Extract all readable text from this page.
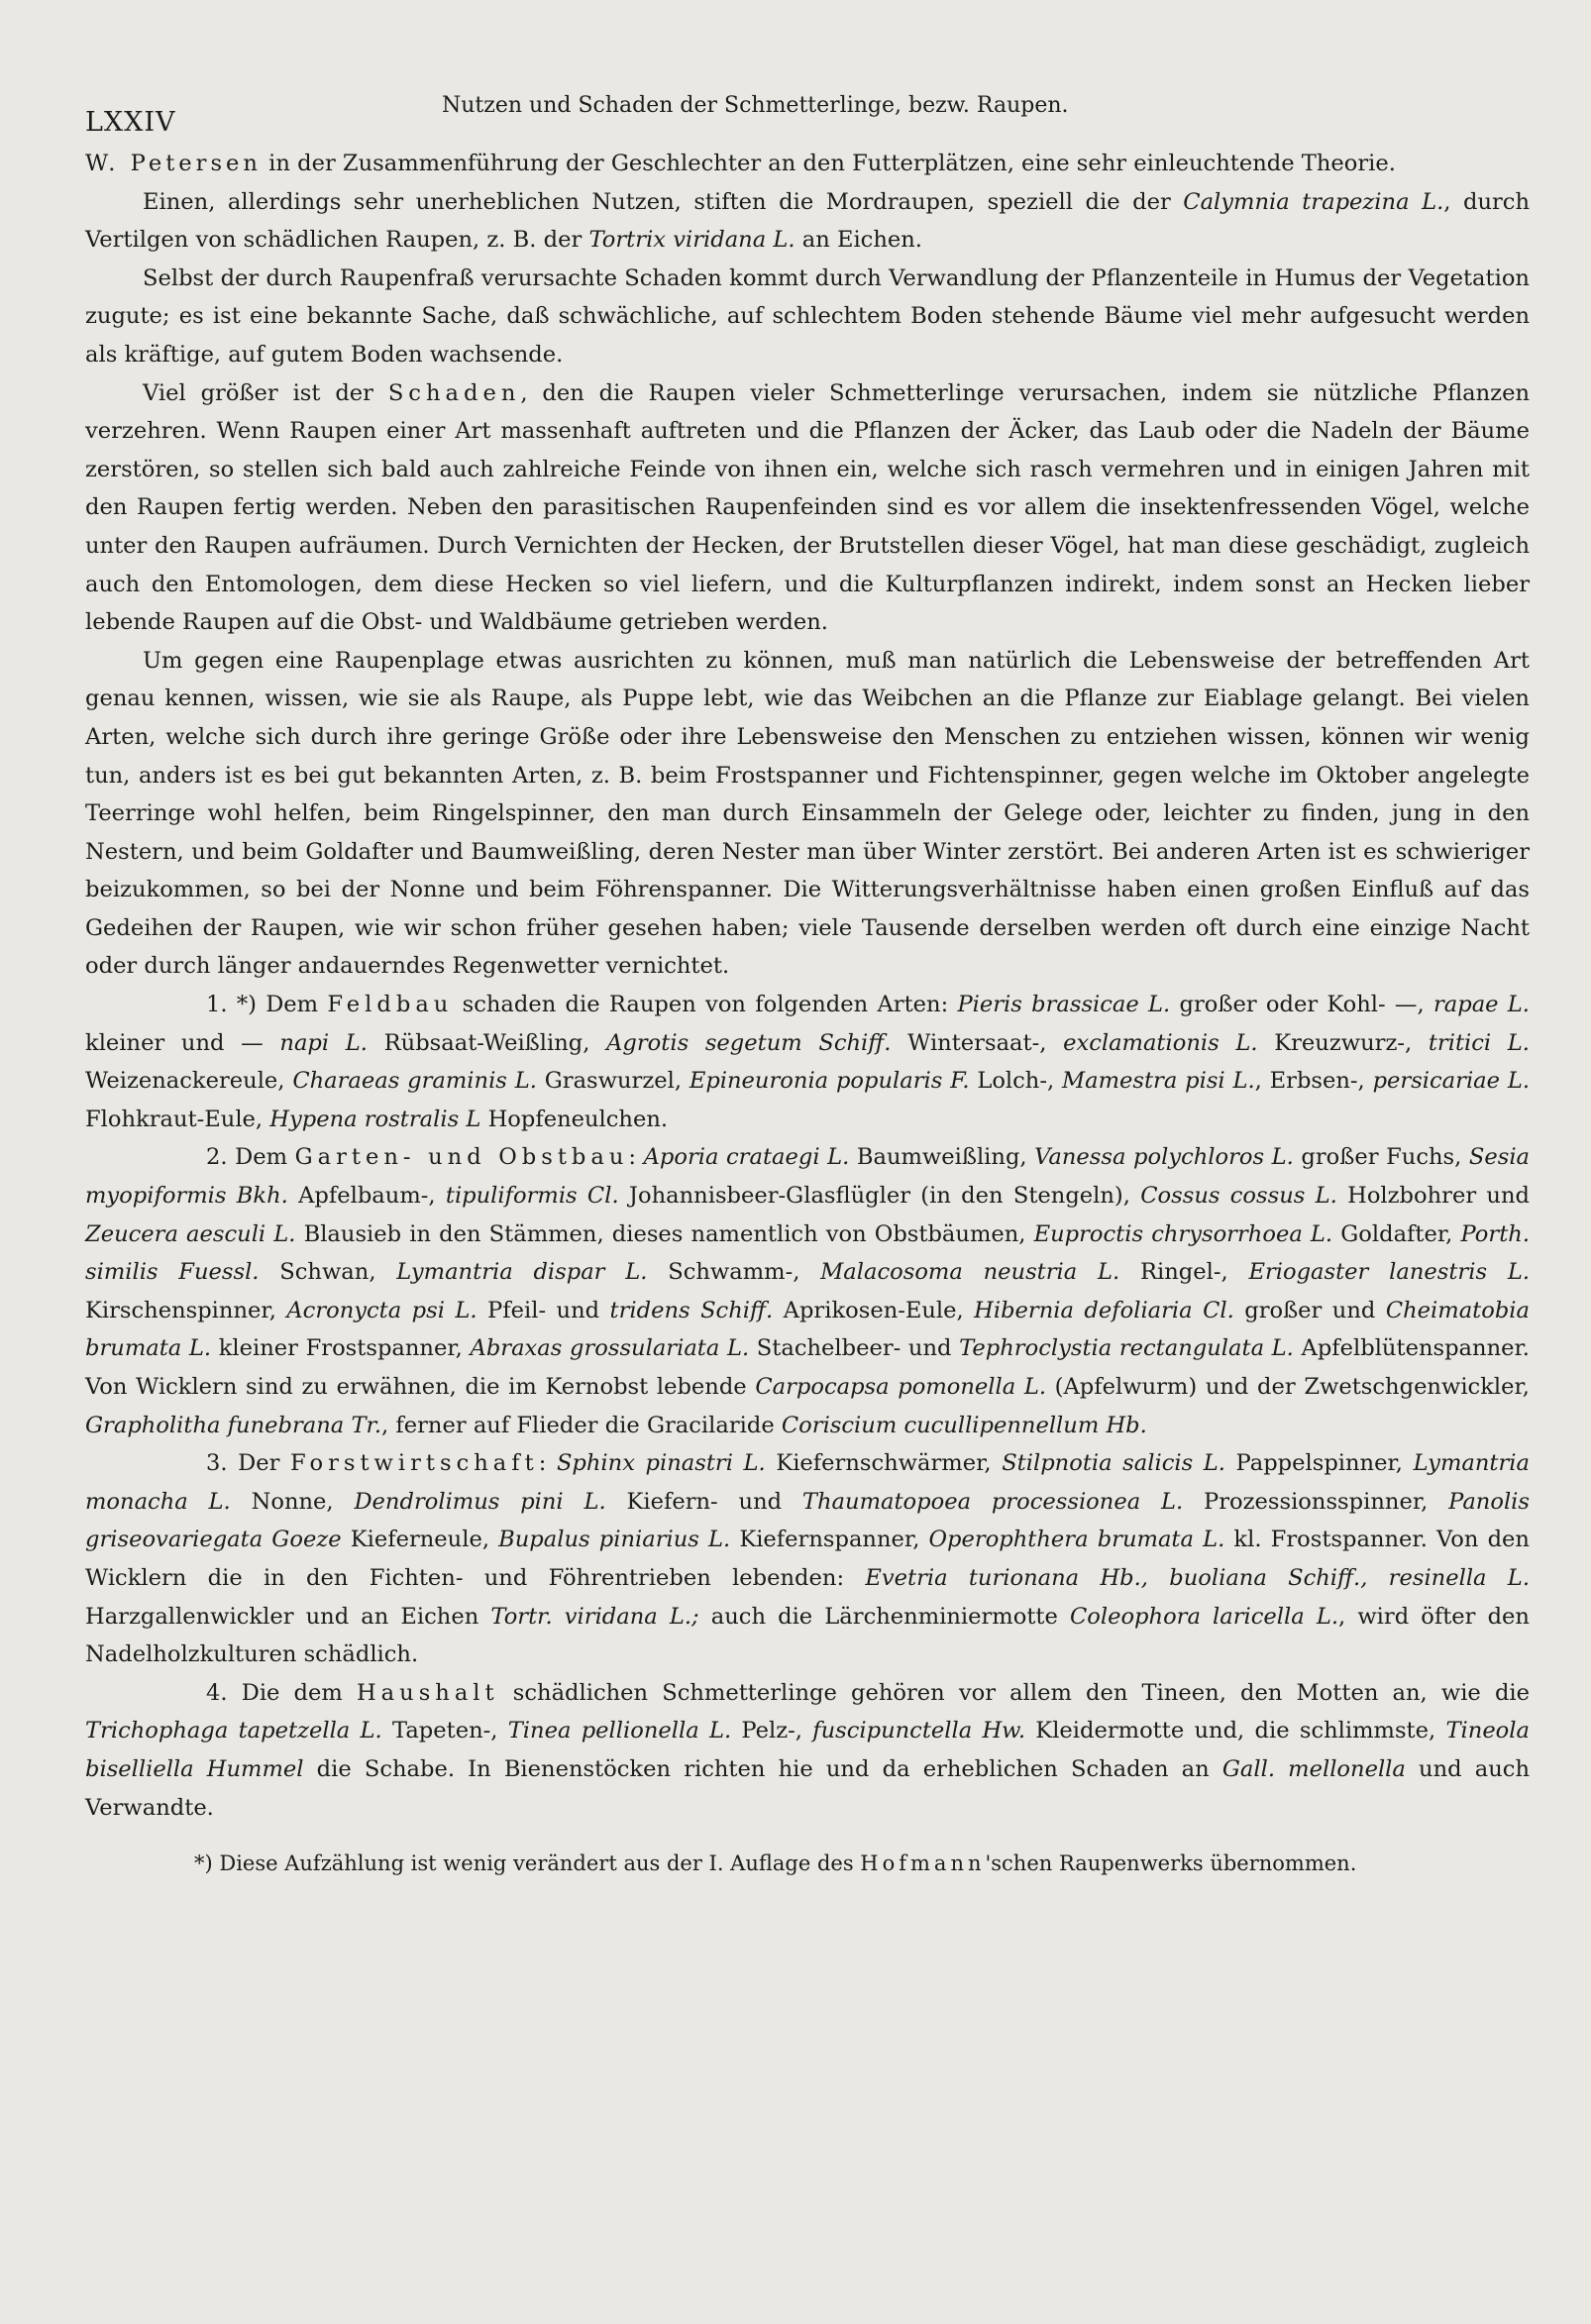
LXXIV
Nutzen und Schaden der Schmetterlinge, bezw. Raupen.

W. Petersen in der Zusammenführung der Geschlechter an den Futterplätzen, eine sehr einleuchtende Theorie.

Einen, allerdings sehr unerheblichen Nutzen, stiften die Mordraupen, speziell die der Calymnia trapezina L., durch Vertilgen von schädlichen Raupen, z. B. der Tortrix viridana L. an Eichen.

Selbst der durch Raupenfraß verursachte Schaden kommt durch Verwandlung der Pflanzenteile in Humus der Vegetation zugute; es ist eine bekannte Sache, daß schwächliche, auf schlechtem Boden stehende Bäume viel mehr aufgesucht werden als kräftige, auf gutem Boden wachsende.

Viel größer ist der Schaden, den die Raupen vieler Schmetterlinge verursachen, indem sie nützliche Pflanzen verzehren. Wenn Raupen einer Art massenhaft auftreten und die Pflanzen der Äcker, das Laub oder die Nadeln der Bäume zerstören, so stellen sich bald auch zahlreiche Feinde von ihnen ein, welche sich rasch vermehren und in einigen Jahren mit den Raupen fertig werden. Neben den parasitischen Raupenfeinden sind es vor allem die insektenfressenden Vögel, welche unter den Raupen aufräumen. Durch Vernichten der Hecken, der Brutstellen dieser Vögel, hat man diese geschädigt, zugleich auch den Entomologen, dem diese Hecken so viel liefern, und die Kulturpflanzen indirekt, indem sonst an Hecken lieber lebende Raupen auf die Obst- und Waldbäume getrieben werden.

Um gegen eine Raupenplage etwas ausrichten zu können, muß man natürlich die Lebensweise der betreffenden Art genau kennen, wissen, wie sie als Raupe, als Puppe lebt, wie das Weibchen an die Pflanze zur Eiablage gelangt. Bei vielen Arten, welche sich durch ihre geringe Größe oder ihre Lebensweise den Menschen zu entziehen wissen, können wir wenig tun, anders ist es bei gut bekannten Arten, z. B. beim Frostspanner und Fichtenspinner, gegen welche im Oktober angelegte Teerringe wohl helfen, beim Ringelspinner, den man durch Einsammeln der Gelege oder, leichter zu finden, jung in den Nestern, und beim Goldafter und Baumweißling, deren Nester man über Winter zerstört. Bei anderen Arten ist es schwieriger beizukommen, so bei der Nonne und beim Föhrenspanner. Die Witterungsverhältnisse haben einen großen Einfluß auf das Gedeihen der Raupen, wie wir schon früher gesehen haben; viele Tausende derselben werden oft durch eine einzige Nacht oder durch länger andauerndes Regenwetter vernichtet.

1. *) Dem Feldbau schaden die Raupen von folgenden Arten: Pieris brassicae L. großer oder Kohl- —, rapae L. kleiner und — napi L. Rübsaat-Weißling, Agrotis segetum Schiff. Wintersaat-, exclamationis L. Kreuzwurz-, tritici L. Weizenackereule, Charaeas graminis L. Graswurzel, Epineuronia popularis F. Lolch-, Mamestra pisi L., Erbsen-, persicariae L. Flohkraut-Eule, Hypena rostralis L Hopfeneulchen.

2. Dem Garten- und Obstbau: Aporia crataegi L. Baumweißling, Vanessa polychloros L. großer Fuchs, Sesia myopiformis Bkh. Apfelbaum-, tipuliformis Cl. Johannisbeer-Glasflügler (in den Stengeln), Cossus cossus L. Holzbohrer und Zeucera aesculi L. Blausieb in den Stämmen, dieses namentlich von Obstbäumen, Euproctis chrysorrhoea L. Goldafter, Porth. similis Fuessl. Schwan, Lymantria dispar L. Schwamm-, Malacosoma neustria L. Ringel-, Eriogaster lanestris L. Kirschenspinner, Acronycta psi L. Pfeil- und tridens Schiff. Aprikosen-Eule, Hibernia defoliaria Cl. großer und Cheimatobia brumata L. kleiner Frostspanner, Abraxas grossulariata L. Stachelbeer- und Tephroclystia rectangulata L. Apfelblütenspanner. Von Wicklern sind zu erwähnen, die im Kernobst lebende Carpocapsa pomonella L. (Apfelwurm) und der Zwetschgenwickler, Grapholitha funebrana Tr., ferner auf Flieder die Gracilaride Coriscium cucullipennellum Hb.

3. Der Forstwirtschaft: Sphinx pinastri L. Kiefernschwärmer, Stilpnotia salicis L. Pappelspinner, Lymantria monacha L. Nonne, Dendrolimus pini L. Kiefern- und Thaumatopoea processionea L. Prozessionsspinner, Panolis griseovariegata Goeze Kieferneule, Bupalus piniarius L. Kiefernspanner, Operophthera brumata L. kl. Frostspanner. Von den Wicklern die in den Fichten- und Föhrentrieben lebenden: Evetria turionana Hb., buoliana Schiff., resinella L. Harzgallenwickler und an Eichen Tortr. viridana L.; auch die Lärchenminiermotte Coleophora laricella L., wird öfter den Nadelholzkulturen schädlich.

4. Die dem Haushalt schädlichen Schmetterlinge gehören vor allem den Tineen, den Motten an, wie die Trichophaga tapetzella L. Tapeten-, Tinea pellionella L. Pelz-, fuscipunctella Hw. Kleidermotte und, die schlimmste, Tineola biselliella Hummel die Schabe. In Bienenstöcken richten hie und da erheblichen Schaden an Gall. mellonella und auch Verwandte.

*) Diese Aufzählung ist wenig verändert aus der I. Auflage des Hofmann'schen Raupenwerks übernommen.
